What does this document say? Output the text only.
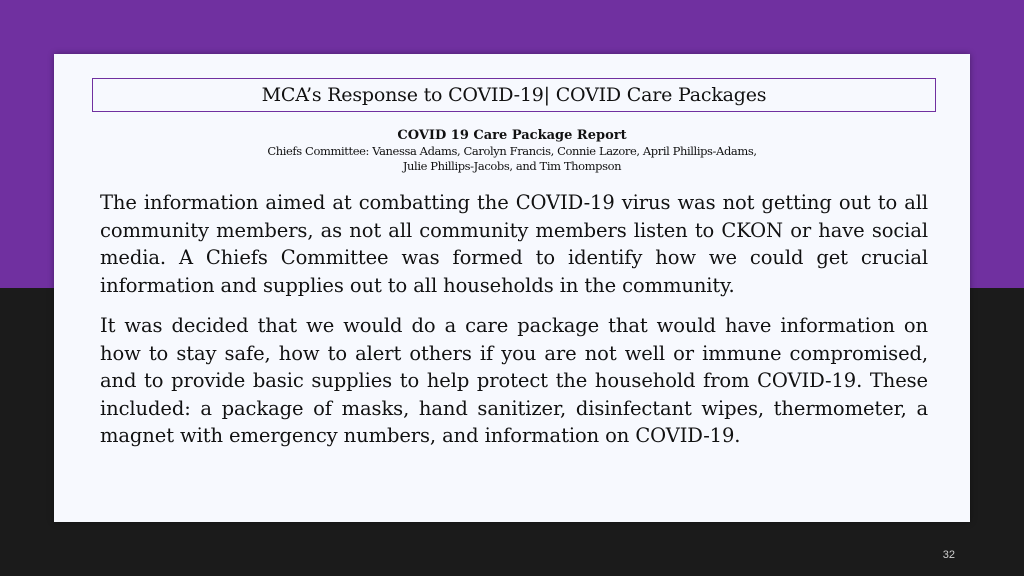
MCA’s Response to COVID-19| COVID Care Packages
COVID 19 Care Package Report
Chiefs Committee: Vanessa Adams, Carolyn Francis, Connie Lazore, April Phillips-Adams,
Julie Phillips-Jacobs, and Tim Thompson

The information aimed at combatting the COVID-19 virus was not getting out to all community members, as not all community members listen to CKON or have social media. A Chiefs Committee was formed to identify how we could get crucial information and supplies out to all households in the community.

It was decided that we would do a care package that would have information on how to stay safe, how to alert others if you are not well or immune compromised, and to provide basic supplies to help protect the household from COVID-19. These included: a package of masks, hand sanitizer, disinfectant wipes, thermometer, a magnet with emergency numbers, and information on COVID-19.

32
